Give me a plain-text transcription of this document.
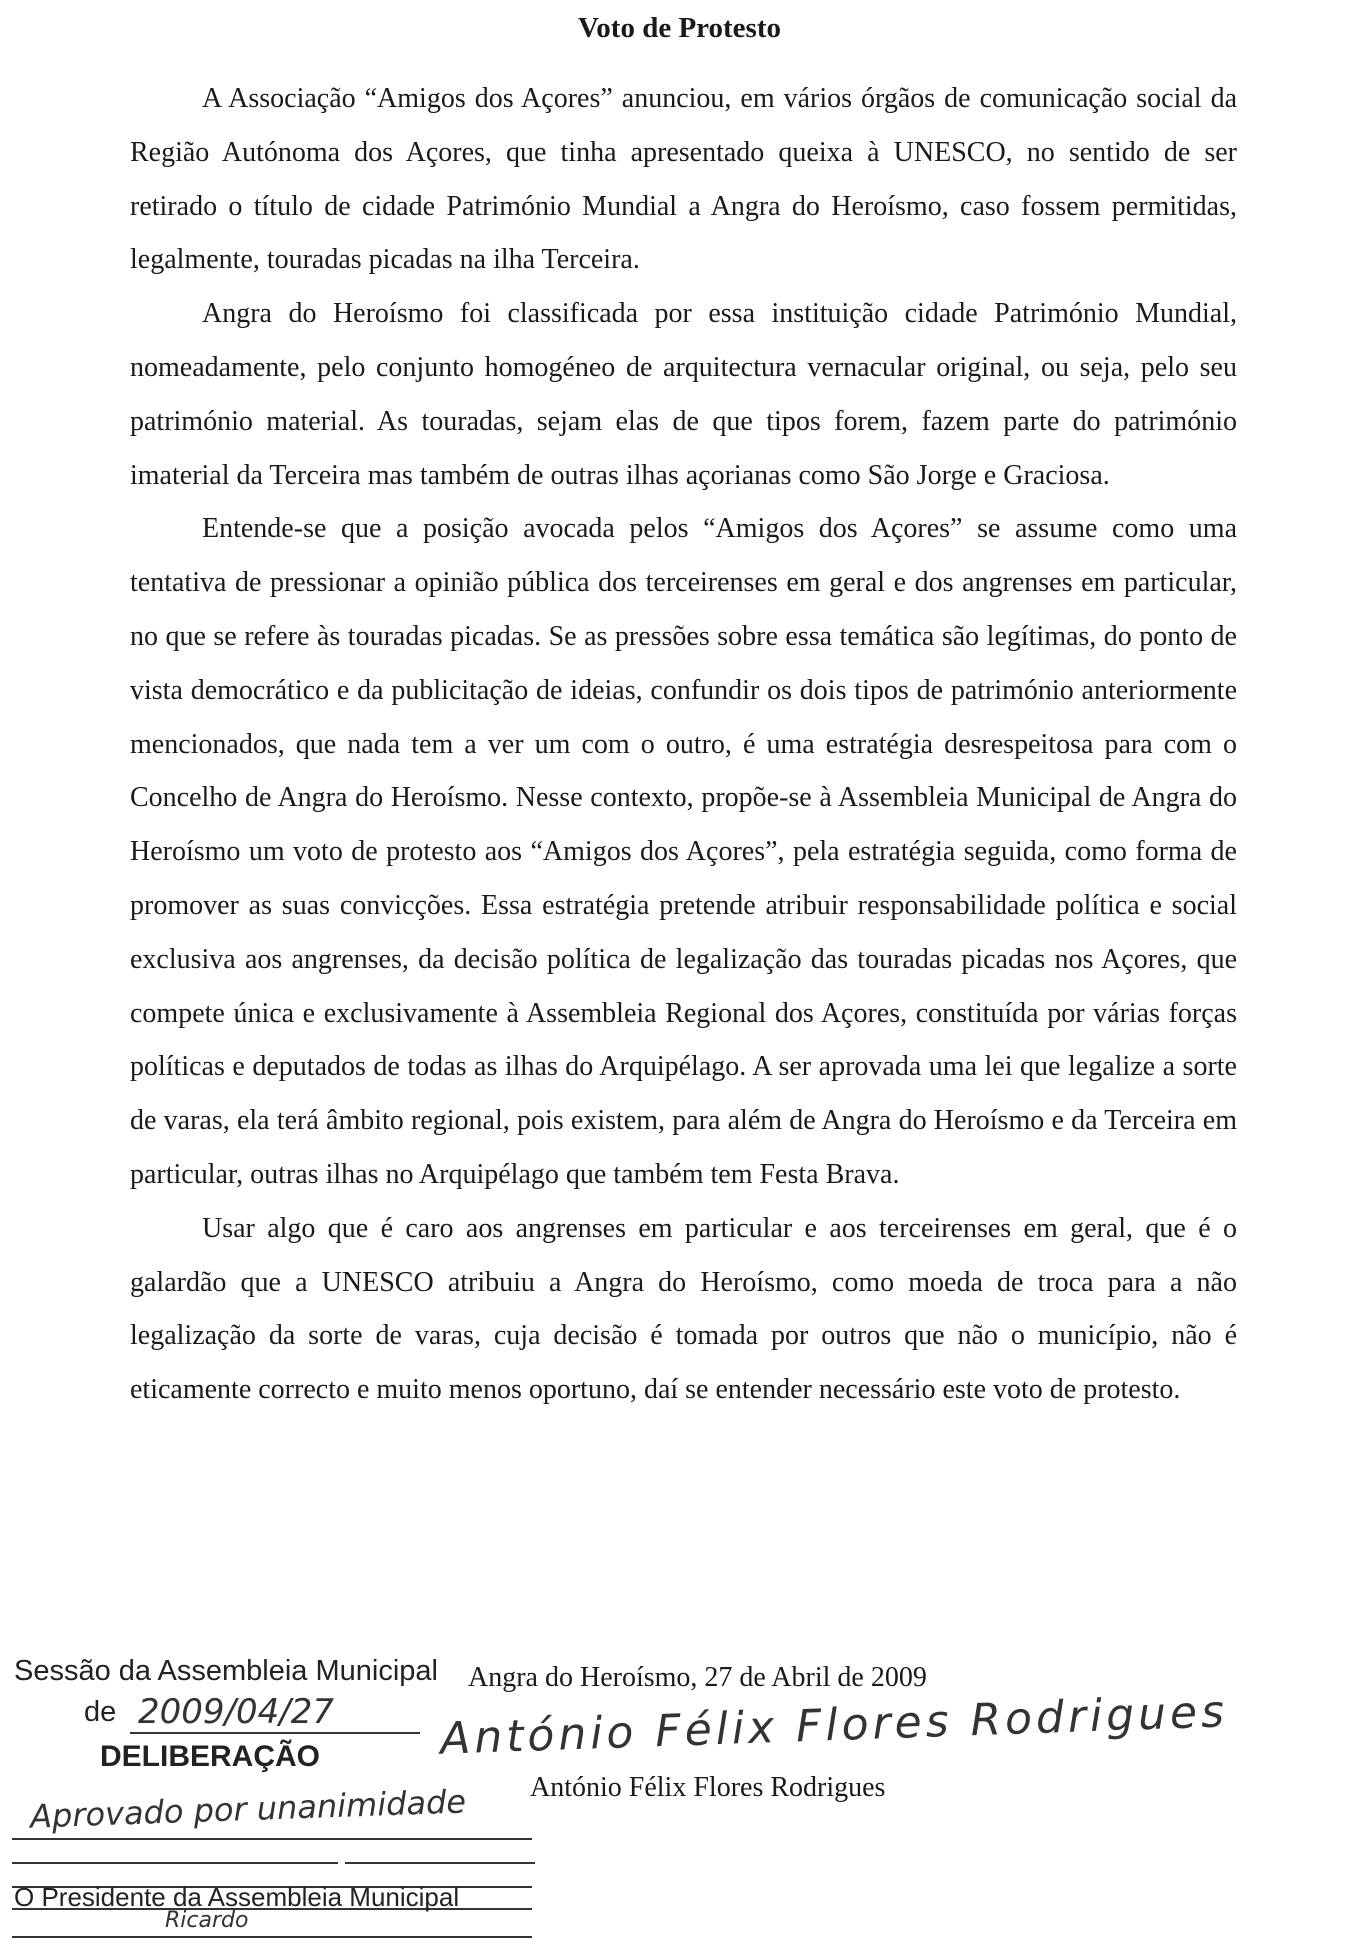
Voto de Protesto

A Associação “Amigos dos Açores” anunciou, em vários órgãos de comunicação social da Região Autónoma dos Açores, que tinha apresentado queixa à UNESCO, no sentido de ser retirado o título de cidade Património Mundial a Angra do Heroísmo, caso fossem permitidas, legalmente, touradas picadas na ilha Terceira.

Angra do Heroísmo foi classificada por essa instituição cidade Património Mundial, nomeadamente, pelo conjunto homogéneo de arquitectura vernacular original, ou seja, pelo seu património material. As touradas, sejam elas de que tipos forem, fazem parte do património imaterial da Terceira mas também de outras ilhas açorianas como São Jorge e Graciosa.

Entende-se que a posição avocada pelos “Amigos dos Açores” se assume como uma tentativa de pressionar a opinião pública dos terceirenses em geral e dos angrenses em particular, no que se refere às touradas picadas. Se as pressões sobre essa temática são legítimas, do ponto de vista democrático e da publicitação de ideias, confundir os dois tipos de património anteriormente mencionados, que nada tem a ver um com o outro, é uma estratégia desrespeitosa para com o Concelho de Angra do Heroísmo. Nesse contexto, propõe-se à Assembleia Municipal de Angra do Heroísmo um voto de protesto aos “Amigos dos Açores”, pela estratégia seguida, como forma de promover as suas convicções. Essa estratégia pretende atribuir responsabilidade política e social exclusiva aos angrenses, da decisão política de legalização das touradas picadas nos Açores, que compete única e exclusivamente à Assembleia Regional dos Açores, constituída por várias forças políticas e deputados de todas as ilhas do Arquipélago. A ser aprovada uma lei que legalize a sorte de varas, ela terá âmbito regional, pois existem, para além de Angra do Heroísmo e da Terceira em particular, outras ilhas no Arquipélago que também tem Festa Brava.

Usar algo que é caro aos angrenses em particular e aos terceirenses em geral, que é o galardão que a UNESCO atribuiu a Angra do Heroísmo, como moeda de troca para a não legalização da sorte de varas, cuja decisão é tomada por outros que não o município, não é eticamente correcto e muito menos oportuno, daí se entender necessário este voto de protesto.

Angra do Heroísmo, 27 de Abril de 2009
António Félix Flores Rodrigues
António Félix Flores Rodrigues
Sessão da Assembleia Municipal
de 2009/04/27
DELIBERAÇÃO
Aprovado por unanimidade
O Presidente da Assembleia Municipal
Ricardo
